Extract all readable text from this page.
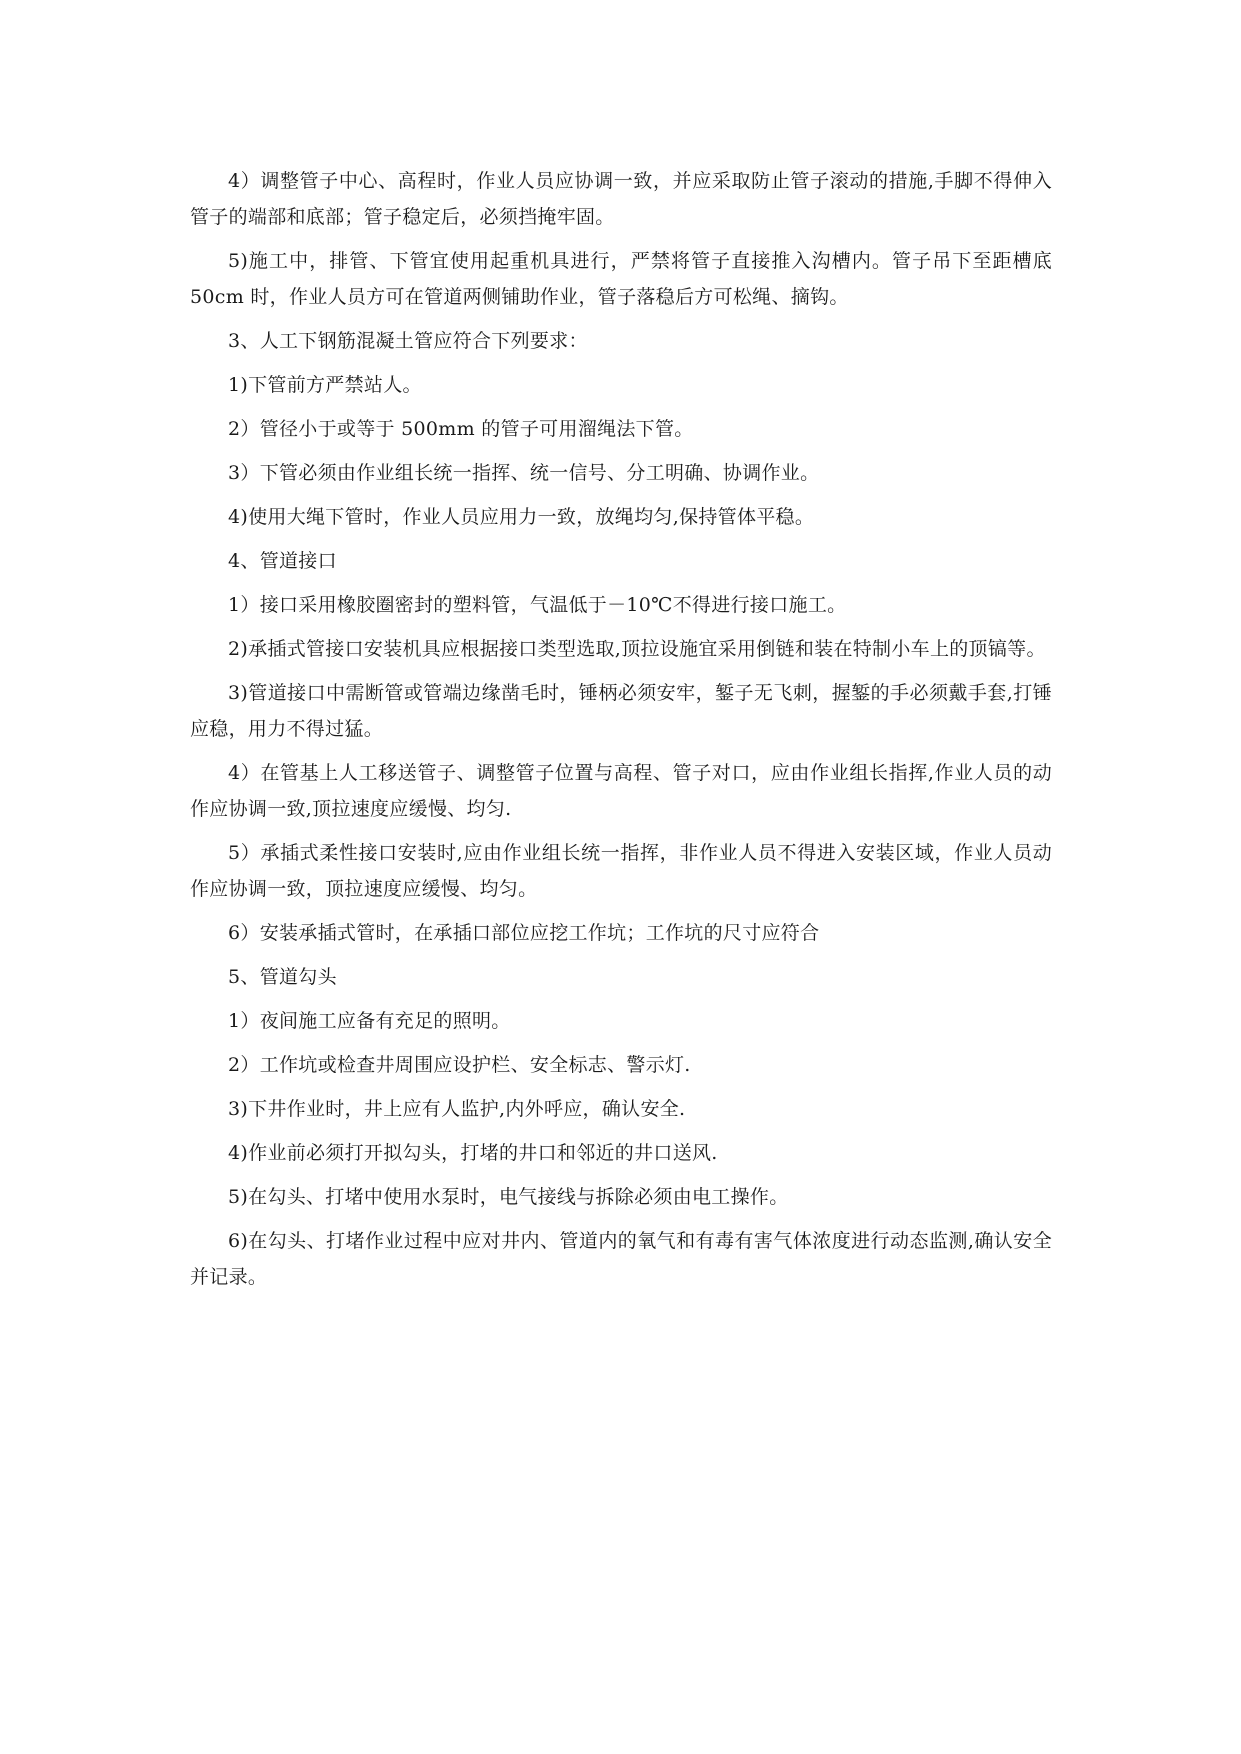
4）调整管子中心、高程时，作业人员应协调一致，并应采取防止管子滚动的措施,手脚不得伸入管子的端部和底部；管子稳定后，必须挡掩牢固。

5)施工中，排管、下管宜使用起重机具进行，严禁将管子直接推入沟槽内。管子吊下至距槽底 50cm 时，作业人员方可在管道两侧铺助作业，管子落稳后方可松绳、摘钩。

3、人工下钢筋混凝土管应符合下列要求：

1)下管前方严禁站人。

2）管径小于或等于 500mm 的管子可用溜绳法下管。

3）下管必须由作业组长统一指挥、统一信号、分工明确、协调作业。

4)使用大绳下管时，作业人员应用力一致，放绳均匀,保持管体平稳。

4、管道接口

1）接口采用橡胶圈密封的塑料管，气温低于－10℃不得进行接口施工。

2)承插式管接口安装机具应根据接口类型选取,顶拉设施宜采用倒链和装在特制小车上的顶镐等。

3)管道接口中需断管或管端边缘凿毛时，锤柄必须安牢，錾子无飞刺，握錾的手必须戴手套,打锤应稳，用力不得过猛。

4）在管基上人工移送管子、调整管子位置与高程、管子对口，应由作业组长指挥,作业人员的动作应协调一致,顶拉速度应缓慢、均匀.

5）承插式柔性接口安装时,应由作业组长统一指挥，非作业人员不得进入安装区域，作业人员动作应协调一致，顶拉速度应缓慢、均匀。

6）安装承插式管时，在承插口部位应挖工作坑；工作坑的尺寸应符合

5、管道勾头

1）夜间施工应备有充足的照明。

2）工作坑或检查井周围应设护栏、安全标志、警示灯.

3)下井作业时，井上应有人监护,内外呼应，确认安全.

4)作业前必须打开拟勾头，打堵的井口和邻近的井口送风.

5)在勾头、打堵中使用水泵时，电气接线与拆除必须由电工操作。

6)在勾头、打堵作业过程中应对井内、管道内的氧气和有毒有害气体浓度进行动态监测,确认安全并记录。
